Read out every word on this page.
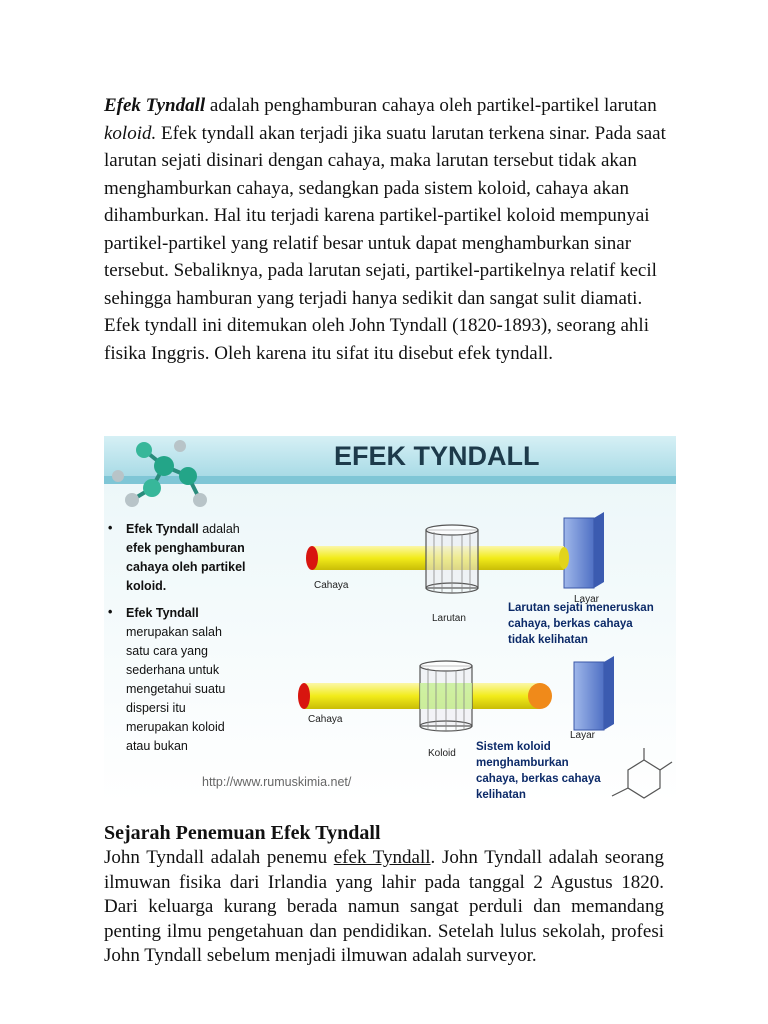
Efek Tyndall adalah penghamburan cahaya oleh partikel-partikel larutan koloid. Efek tyndall akan terjadi jika suatu larutan terkena sinar. Pada saat larutan sejati disinari dengan cahaya, maka larutan tersebut tidak akan menghamburkan cahaya, sedangkan pada sistem koloid, cahaya akan dihamburkan. Hal itu terjadi karena partikel-partikel koloid mempunyai partikel-partikel yang relatif besar untuk dapat menghamburkan sinar tersebut. Sebaliknya, pada larutan sejati, partikel-partikelnya relatif kecil sehingga hamburan yang terjadi hanya sedikit dan sangat sulit diamati. Efek tyndall ini ditemukan oleh John Tyndall (1820-1893), seorang ahli fisika Inggris. Oleh karena itu sifat itu disebut efek tyndall.
EFEK TYNDALL
• Efek Tyndall adalah
efek penghamburan
cahaya oleh partikel
koloid.
• Efek Tyndall
merupakan salah
satu cara yang
sederhana untuk
mengetahui suatu
dispersi itu
merupakan koloid
atau bukan
Cahaya
Larutan
Layar
Larutan sejati meneruskan
cahaya, berkas cahaya
tidak kelihatan
Cahaya
Koloid
Layar
Sistem koloid
menghamburkan
cahaya, berkas cahaya
kelihatan
http://www.rumuskimia.net/
Sejarah Penemuan Efek Tyndall
John Tyndall adalah penemu efek Tyndall. John Tyndall adalah seorang ilmuwan fisika dari Irlandia yang lahir pada tanggal 2 Agustus 1820. Dari keluarga kurang berada namun sangat perduli dan memandang penting ilmu pengetahuan dan pendidikan. Setelah lulus sekolah, profesi John Tyndall sebelum menjadi ilmuwan adalah surveyor.
